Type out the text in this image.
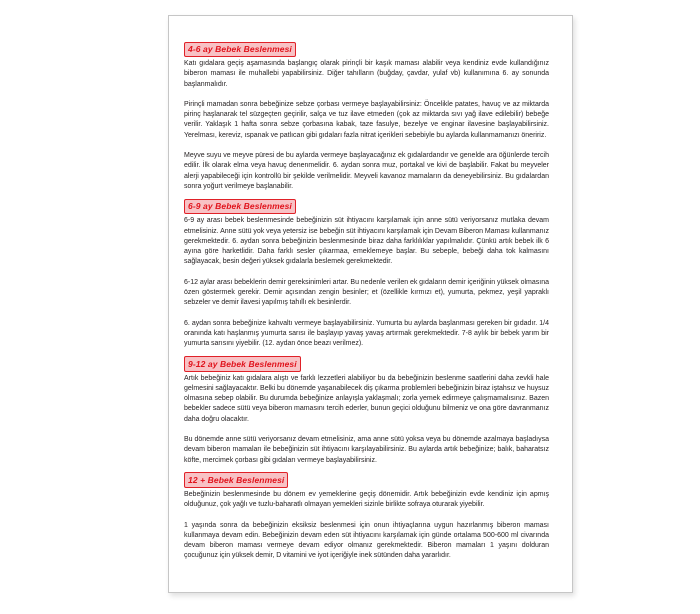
4-6 ay Bebek Beslenmesi

Katı gıdalara geçiş aşamasında başlangıç olarak pirinçli bir kaşık maması alabilir veya kendiniz evde kullandığınız biberon maması ile muhallebi yapabilirsiniz. Diğer tahılların (buğday, çavdar, yulaf vb) kullanımına 6. ay sonunda başlanmalıdır.

Pirinçli mamadan sonra bebeğinize sebze çorbası vermeye başlayabilirsiniz: Öncelikle patates, havuç ve az miktarda pirinç haşlanarak tel süzgeçten geçirilir, salça ve tuz ilave etmeden (çok az miktarda sıvı yağ ilave edilebilir) bebeğe verilir. Yaklaşık 1 hafta sonra sebze çorbasına kabak, taze fasulye, bezelye ve enginar ilavesine başlayabilirsiniz. Yerelması, kereviz, ıspanak ve patlıcan gibi gıdaları fazla nitrat içerikleri sebebiyle bu aylarda kullanmamanızı öneririz.

Meyve suyu ve meyve püresi de bu aylarda vermeye başlayacağınız ek gıdalardandır ve genelde ara öğünlerde tercih edilir. İlk olarak elma veya havuç denenmelidir. 6. aydan sonra muz, portakal ve kivi de başlabilir. Fakat bu meyveler alerji yapabileceği için kontrollü bir şekilde verilmelidir. Meyveli kavanoz mamaların da deneyebilirsiniz. Bu gıdalardan sonra yoğurt verilmeye başlanabilir.

6-9 ay Bebek Beslenmesi

6-9 ay arası bebek beslenmesinde bebeğinizin süt ihtiyacını karşılamak için anne sütü veriyorsanız mutlaka devam etmelisiniz. Anne sütü yok veya yetersiz ise bebeğin süt ihtiyacını karşılamak için Devam Biberon Maması kullanmanız gerekmektedir. 6. aydan sonra bebeğinizin beslenmesinde biraz daha farklılıklar yapılmalıdır. Çünkü artık bebek ilk 6 ayına göre harketlidir. Daha farklı sesler çıkarmaa, emeklemeye başlar. Bu sebeple, bebeği daha tok kalmasını sağlayacak, besin değeri yüksek gıdalarla beslemek gerekmektedir.

6-12 aylar arası bebeklerin demir gereksinimleri artar. Bu nedenle verilen ek gıdaların demir içeriğinin yüksek olmasına özen göstermek gerekir. Demir açısından zengin besinler; et (özellikle kırmızı et), yumurta, pekmez, yeşil yapraklı sebzeler ve demir ilavesi yapılmış tahıllı ek besinlerdir.

6. aydan sonra bebeğinize kahvaltı vermeye başlayabilirsiniz. Yumurta bu aylarda başlanması gereken bir gıdadır. 1/4 oranında katı haşlanmış yumurta sarısı ile başlayıp yavaş yavaş artırmak gerekmektedir. 7-8 aylık bir bebek yarım bir yumurta sarısını yiyebilir. (12. aydan önce beazı verilmez).

9-12 ay Bebek Beslenmesi

Artık bebeğiniz katı gıdalara alıştı ve farklı lezzetleri alabiliyor bu da bebeğinizin beslenme saatlerini daha zevkli hale gelmesini sağlayacaktır. Belki bu dönemde yaşanabilecek diş çıkarma problemleri bebeğinizin biraz iştahsız ve huysuz olmasına sebep olabilir. Bu durumda bebeğinize anlayışla yaklaşmalı; zorla yemek edirmeye çalışmamalısınız. Bazen bebekler sadece sütü veya biberon mamasını tercih ederler, bunun geçici olduğunu bilmeniz ve ona göre davranmanız daha doğru olacaktır.

Bu dönemde anne sütü veriyorsanız devam etmelisiniz, ama anne sütü yoksa veya bu dönemde azalmaya başladıysa devam biberon mamaları ile bebeğinizin süt ihtiyacını karşılayabilirsiniz. Bu aylarda artık bebeğinize; balık, baharatsız köfte, mercimek çorbası gibi gıdaları vermeye başlayabilirsiniz.

12 + Bebek Beslenmesi

Bebeğinizin beslenmesinde bu dönem ev yemeklerine geçiş dönemidir. Artık bebeğinizin evde kendiniz için apmış olduğunuz, çok yağlı ve tuzlu-baharatlı olmayan yemekleri sizinle birlikte sofraya oturarak yiyebilir.

1 yaşında sonra da bebeğinizin eksiksiz beslenmesi için onun ihtiyaçlarına uygun hazırlanmış biberon maması kullanmaya devam edin. Bebeğinizin devam eden süt ihtiyacını karşılamak için günde ortalama 500-600 ml civarında devam biberon maması vermeye devam ediyor olmanız gerekmektedir. Biberon mamaları 1 yaşını dolduran çocuğunuz için yüksek demir, D vitamini ve iyot içeriğiyle inek sütünden daha yararlıdır.
